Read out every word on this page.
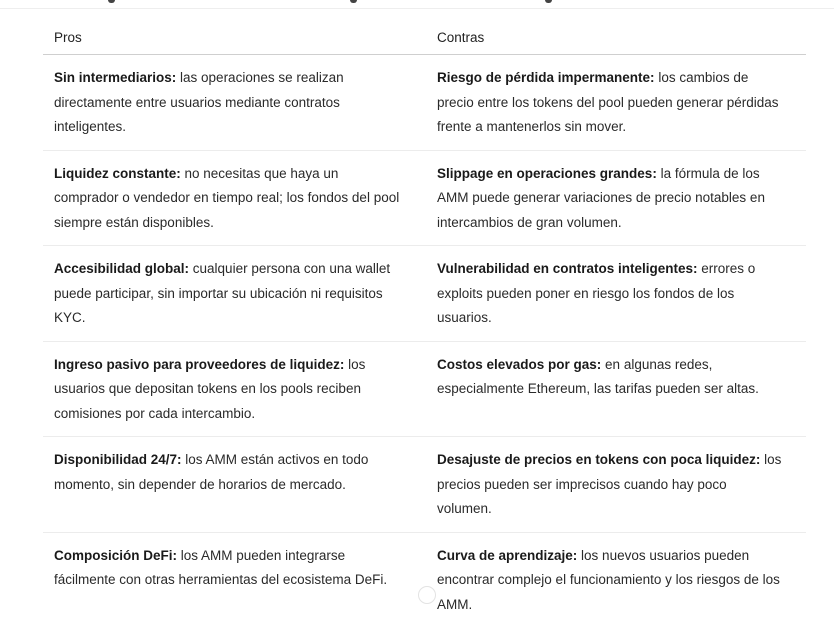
Pros	Contras
Sin intermediarios: las operaciones se realizan directamente entre usuarios mediante contratos inteligentes.	Riesgo de pérdida impermanente: los cambios de precio entre los tokens del pool pueden generar pérdidas frente a mantenerlos sin mover.
Liquidez constante: no necesitas que haya un comprador o vendedor en tiempo real; los fondos del pool siempre están disponibles.	Slippage en operaciones grandes: la fórmula de los AMM puede generar variaciones de precio notables en intercambios de gran volumen.
Accesibilidad global: cualquier persona con una wallet puede participar, sin importar su ubicación ni requisitos KYC.	Vulnerabilidad en contratos inteligentes: errores o exploits pueden poner en riesgo los fondos de los usuarios.
Ingreso pasivo para proveedores de liquidez: los usuarios que depositan tokens en los pools reciben comisiones por cada intercambio.	Costos elevados por gas: en algunas redes, especialmente Ethereum, las tarifas pueden ser altas.
Disponibilidad 24/7: los AMM están activos en todo momento, sin depender de horarios de mercado.	Desajuste de precios en tokens con poca liquidez: los precios pueden ser imprecisos cuando hay poco volumen.
Composición DeFi: los AMM pueden integrarse fácilmente con otras herramientas del ecosistema DeFi.	Curva de aprendizaje: los nuevos usuarios pueden encontrar complejo el funcionamiento y los riesgos de los AMM.
